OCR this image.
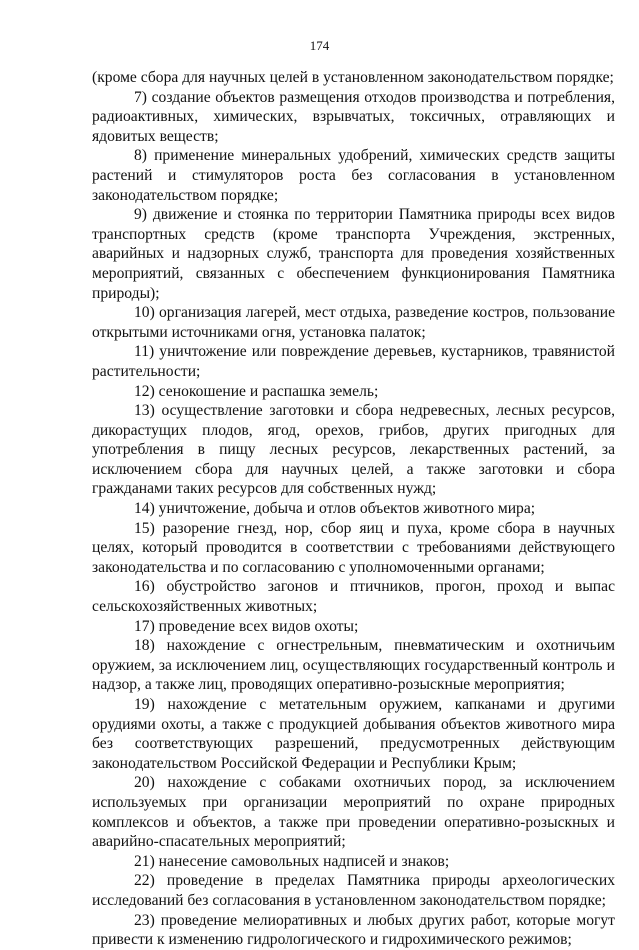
174

(кроме сбора для научных целей в установленном законодательством порядке;

7) создание объектов размещения отходов производства и потребления, радиоактивных, химических, взрывчатых, токсичных, отравляющих и ядовитых веществ;

8) применение минеральных удобрений, химических средств защиты растений и стимуляторов роста без согласования в установленном законодательством порядке;

9) движение и стоянка по территории Памятника природы всех видов транспортных средств (кроме транспорта Учреждения, экстренных, аварийных и надзорных служб, транспорта для проведения хозяйственных мероприятий, связанных с обеспечением функционирования Памятника природы);

10) организация лагерей, мест отдыха, разведение костров, пользование открытыми источниками огня, установка палаток;

11) уничтожение или повреждение деревьев, кустарников, травянистой растительности;

12) сенокошение и распашка земель;

13) осуществление заготовки и сбора недревесных, лесных ресурсов, дикорастущих плодов, ягод, орехов, грибов, других пригодных для употребления в пищу лесных ресурсов, лекарственных растений, за исключением сбора для научных целей, а также заготовки и сбора гражданами таких ресурсов для собственных нужд;

14) уничтожение, добыча и отлов объектов животного мира;

15) разорение гнезд, нор, сбор яиц и пуха, кроме сбора в научных целях, который проводится в соответствии с требованиями действующего законодательства и по согласованию с уполномоченными органами;

16) обустройство загонов и птичников, прогон, проход и выпас сельскохозяйственных животных;

17) проведение всех видов охоты;

18) нахождение с огнестрельным, пневматическим и охотничьим оружием, за исключением лиц, осуществляющих государственный контроль и надзор, а также лиц, проводящих оперативно-розыскные мероприятия;

19) нахождение с метательным оружием, капканами и другими орудиями охоты, а также с продукцией добывания объектов животного мира без соответствующих разрешений, предусмотренных действующим законодательством Российской Федерации и Республики Крым;

20) нахождение с собаками охотничьих пород, за исключением используемых при организации мероприятий по охране природных комплексов и объектов, а также при проведении оперативно-розыскных и аварийно-спасательных мероприятий;

21) нанесение самовольных надписей и знаков;

22) проведение в пределах Памятника природы археологических исследований без согласования в установленном законодательством порядке;

23) проведение мелиоративных и любых других работ, которые могут привести к изменению гидрологического и гидрохимического режимов;
